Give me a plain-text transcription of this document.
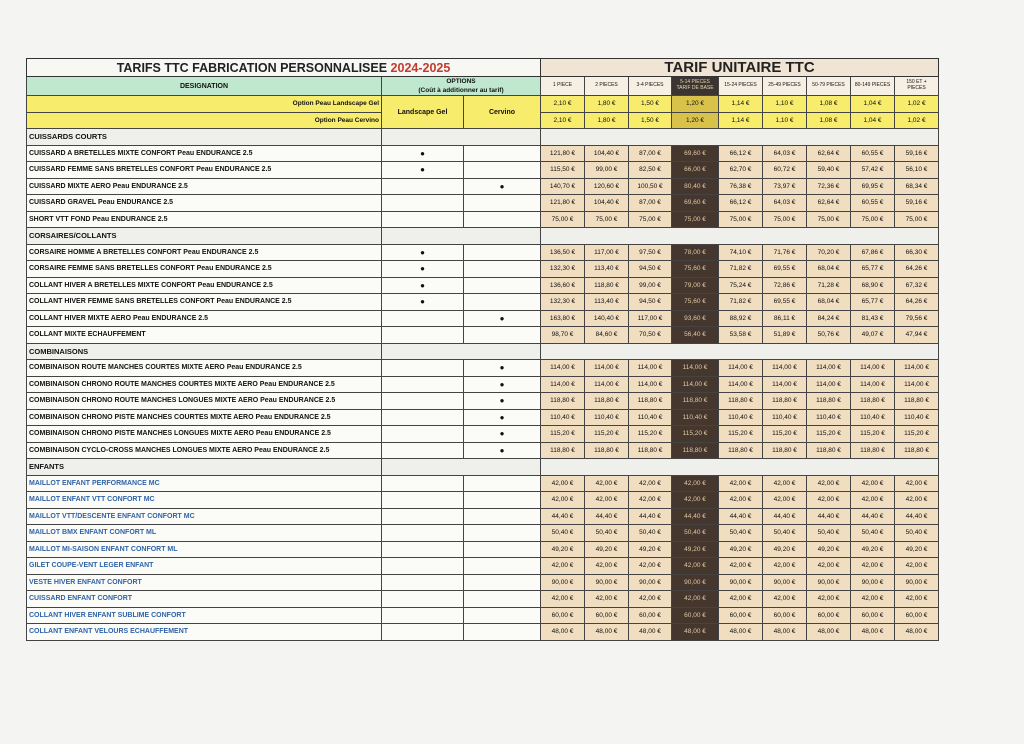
TARIFS TTC FABRICATION PERSONNALISEE 2024-2025			TARIF UNITAIRE TTC								
DESIGNATION	OPTIONS
(Coût à additionner au tarif)		1 PIECE	2 PIECES	3-4 PIECES	5-14 PIECES TARIF DE BASE	15-24 PIECES	25-49 PIECES	50-79 PIECES	80-149 PIECES	150 ET + PIECES
Option Peau Landscape Gel	Landscape Gel	Cervino	2,10 €	1,80 €	1,50 €	1,20 €	1,14 €	1,10 €	1,08 €	1,04 €	1,02 €
Option Peau Cervino			2,10 €	1,80 €	1,50 €	1,20 €	1,14 €	1,10 €	1,08 €	1,04 €	1,02 €
CUISSARDS COURTS											
CUISSARD A BRETELLES MIXTE CONFORT Peau ENDURANCE 2.5	●		121,80 €	104,40 €	87,00 €	69,60 €	66,12 €	64,03 €	62,64 €	60,55 €	59,16 €
CUISSARD FEMME SANS BRETELLES CONFORT Peau ENDURANCE 2.5	●		115,50 €	99,00 €	82,50 €	66,00 €	62,70 €	60,72 €	59,40 €	57,42 €	56,10 €
CUISSARD MIXTE AERO Peau ENDURANCE 2.5		●	140,70 €	120,60 €	100,50 €	80,40 €	76,38 €	73,97 €	72,36 €	69,95 €	68,34 €
CUISSARD GRAVEL Peau ENDURANCE 2.5			121,80 €	104,40 €	87,00 €	69,60 €	66,12 €	64,03 €	62,64 €	60,55 €	59,16 €
SHORT VTT FOND Peau ENDURANCE 2.5			75,00 €	75,00 €	75,00 €	75,00 €	75,00 €	75,00 €	75,00 €	75,00 €	75,00 €
CORSAIRES/COLLANTS											
CORSAIRE HOMME A BRETELLES CONFORT Peau ENDURANCE 2.5	●		136,50 €	117,00 €	97,50 €	78,00 €	74,10 €	71,76 €	70,20 €	67,86 €	66,30 €
CORSAIRE FEMME SANS BRETELLES CONFORT Peau ENDURANCE 2.5	●		132,30 €	113,40 €	94,50 €	75,60 €	71,82 €	69,55 €	68,04 €	65,77 €	64,26 €
COLLANT HIVER A BRETELLES MIXTE CONFORT Peau ENDURANCE 2.5	●		136,60 €	118,80 €	99,00 €	79,00 €	75,24 €	72,86 €	71,28 €	68,90 €	67,32 €
COLLANT HIVER FEMME SANS BRETELLES CONFORT Peau ENDURANCE 2.5	●		132,30 €	113,40 €	94,50 €	75,60 €	71,82 €	69,55 €	68,04 €	65,77 €	64,26 €
COLLANT HIVER MIXTE AERO Peau ENDURANCE 2.5		●	163,80 €	140,40 €	117,00 €	93,60 €	88,92 €	86,11 €	84,24 €	81,43 €	79,56 €
COLLANT MIXTE ECHAUFFEMENT			98,70 €	84,60 €	70,50 €	56,40 €	53,58 €	51,89 €	50,76 €	49,07 €	47,94 €
COMBINAISONS											
COMBINAISON ROUTE MANCHES COURTES MIXTE AERO Peau ENDURANCE 2.5		●	114,00 €	114,00 €	114,00 €	114,00 €	114,00 €	114,00 €	114,00 €	114,00 €	114,00 €
COMBINAISON CHRONO ROUTE MANCHES COURTES MIXTE AERO Peau ENDURANCE 2.5		●	114,00 €	114,00 €	114,00 €	114,00 €	114,00 €	114,00 €	114,00 €	114,00 €	114,00 €
COMBINAISON CHRONO ROUTE MANCHES LONGUES MIXTE AERO Peau ENDURANCE 2.5		●	118,80 €	118,80 €	118,80 €	118,80 €	118,80 €	118,80 €	118,80 €	118,80 €	118,80 €
COMBINAISON CHRONO PISTE MANCHES COURTES MIXTE AERO Peau ENDURANCE 2.5		●	110,40 €	110,40 €	110,40 €	110,40 €	110,40 €	110,40 €	110,40 €	110,40 €	110,40 €
COMBINAISON CHRONO PISTE MANCHES LONGUES MIXTE AERO Peau ENDURANCE 2.5		●	115,20 €	115,20 €	115,20 €	115,20 €	115,20 €	115,20 €	115,20 €	115,20 €	115,20 €
COMBINAISON CYCLO-CROSS MANCHES LONGUES MIXTE AERO Peau ENDURANCE 2.5		●	118,80 €	118,80 €	118,80 €	118,80 €	118,80 €	118,80 €	118,80 €	118,80 €	118,80 €
ENFANTS											
MAILLOT ENFANT PERFORMANCE MC			42,00 €	42,00 €	42,00 €	42,00 €	42,00 €	42,00 €	42,00 €	42,00 €	42,00 €
MAILLOT ENFANT VTT CONFORT MC			42,00 €	42,00 €	42,00 €	42,00 €	42,00 €	42,00 €	42,00 €	42,00 €	42,00 €
MAILLOT VTT/DESCENTE ENFANT CONFORT MC			44,40 €	44,40 €	44,40 €	44,40 €	44,40 €	44,40 €	44,40 €	44,40 €	44,40 €
MAILLOT BMX ENFANT CONFORT ML			50,40 €	50,40 €	50,40 €	50,40 €	50,40 €	50,40 €	50,40 €	50,40 €	50,40 €
MAILLOT MI-SAISON ENFANT CONFORT ML			49,20 €	49,20 €	49,20 €	49,20 €	49,20 €	49,20 €	49,20 €	49,20 €	49,20 €
GILET COUPE-VENT LEGER ENFANT			42,00 €	42,00 €	42,00 €	42,00 €	42,00 €	42,00 €	42,00 €	42,00 €	42,00 €
VESTE HIVER ENFANT CONFORT			90,00 €	90,00 €	90,00 €	90,00 €	90,00 €	90,00 €	90,00 €	90,00 €	90,00 €
CUISSARD ENFANT CONFORT			42,00 €	42,00 €	42,00 €	42,00 €	42,00 €	42,00 €	42,00 €	42,00 €	42,00 €
COLLANT HIVER ENFANT SUBLIME CONFORT			60,00 €	60,00 €	60,00 €	60,00 €	60,00 €	60,00 €	60,00 €	60,00 €	60,00 €
COLLANT ENFANT VELOURS ECHAUFFEMENT			48,00 €	48,00 €	48,00 €	48,00 €	48,00 €	48,00 €	48,00 €	48,00 €	48,00 €
